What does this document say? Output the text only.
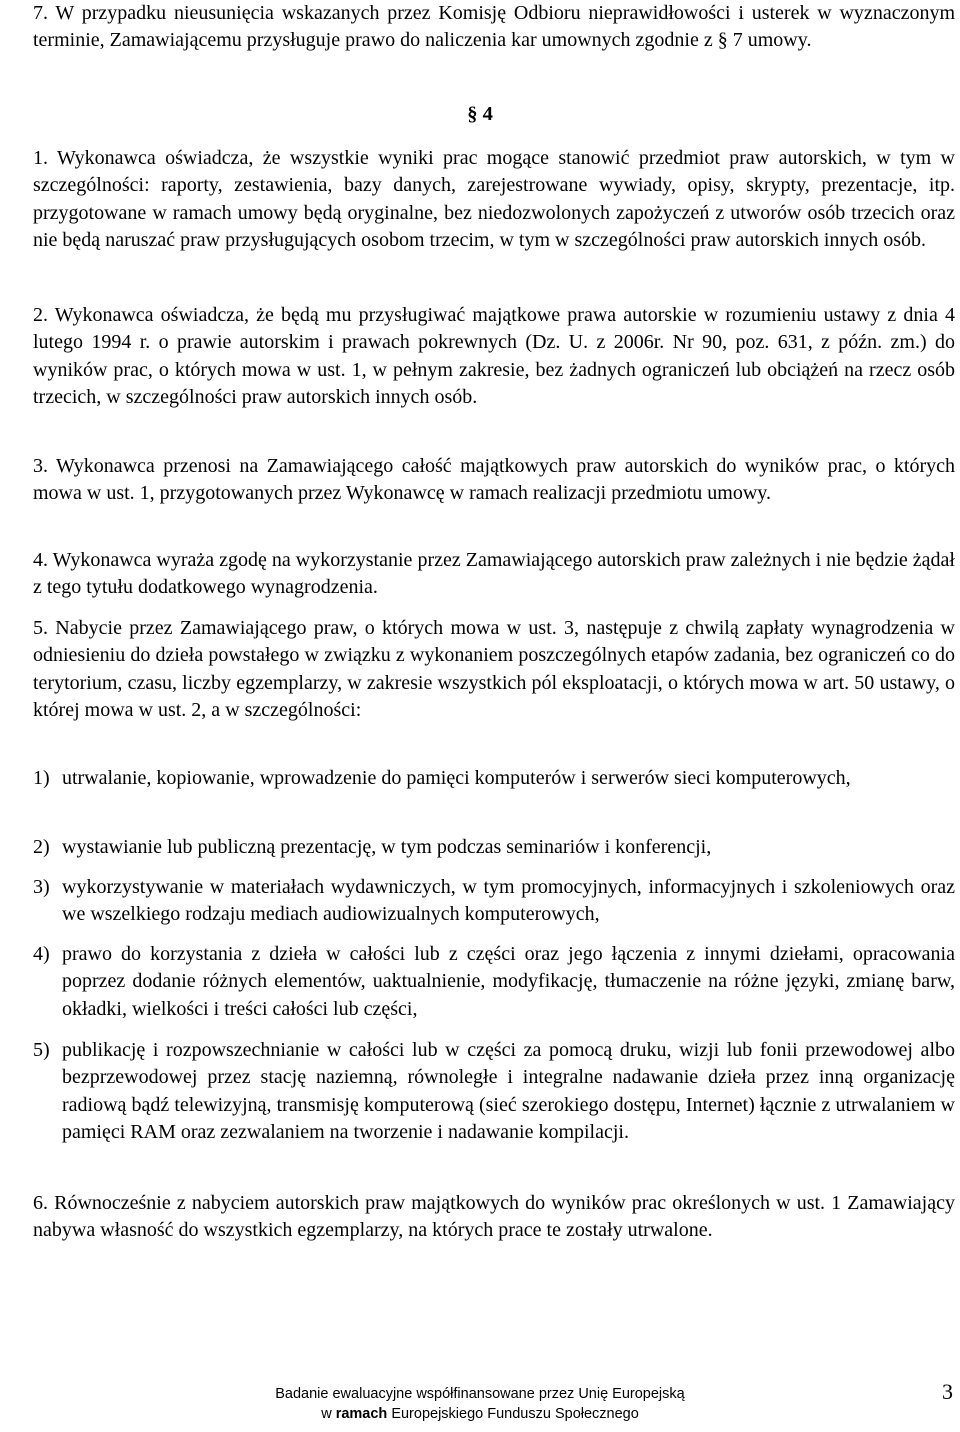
7. W przypadku nieusunięcia wskazanych przez Komisję Odbioru nieprawidłowości i usterek w wyznaczonym terminie, Zamawiającemu przysługuje prawo do naliczenia kar umownych zgodnie z § 7 umowy.
§ 4
1. Wykonawca oświadcza, że wszystkie wyniki prac mogące stanowić przedmiot praw autorskich, w tym w szczególności: raporty, zestawienia, bazy danych, zarejestrowane wywiady, opisy, skrypty, prezentacje, itp. przygotowane w ramach umowy będą oryginalne, bez niedozwolonych zapożyczeń z utworów osób trzecich oraz nie będą naruszać praw przysługujących osobom trzecim, w tym w szczególności praw autorskich innych osób.
2. Wykonawca oświadcza, że będą mu przysługiwać majątkowe prawa autorskie w rozumieniu ustawy z dnia 4 lutego 1994 r. o prawie autorskim i prawach pokrewnych (Dz. U. z 2006r. Nr 90, poz. 631, z późn. zm.) do wyników prac, o których mowa w ust. 1, w pełnym zakresie, bez żadnych ograniczeń lub obciążeń na rzecz osób trzecich, w szczególności praw autorskich innych osób.
3. Wykonawca przenosi na Zamawiającego całość majątkowych praw autorskich do wyników prac, o których mowa w ust. 1, przygotowanych przez Wykonawcę w ramach realizacji przedmiotu umowy.
4. Wykonawca wyraża zgodę na wykorzystanie przez Zamawiającego autorskich praw zależnych i nie będzie żądał z tego tytułu dodatkowego wynagrodzenia.
5. Nabycie przez Zamawiającego praw, o których mowa w ust. 3, następuje z chwilą zapłaty wynagrodzenia w odniesieniu do dzieła powstałego w związku z wykonaniem poszczególnych etapów zadania, bez ograniczeń co do terytorium, czasu, liczby egzemplarzy, w zakresie wszystkich pól eksploatacji, o których mowa w art. 50 ustawy, o której mowa w ust. 2, a w szczególności:
1) utrwalanie, kopiowanie, wprowadzenie do pamięci komputerów i serwerów sieci komputerowych,
2) wystawianie lub publiczną prezentację, w tym podczas seminariów i konferencji,
3) wykorzystywanie w materiałach wydawniczych, w tym promocyjnych, informacyjnych i szkoleniowych oraz we wszelkiego rodzaju mediach audiowizualnych komputerowych,
4) prawo do korzystania z dzieła w całości lub z części oraz jego łączenia z innymi dziełami, opracowania poprzez dodanie różnych elementów, uaktualnienie, modyfikację, tłumaczenie na różne języki, zmianę barw, okładki, wielkości i treści całości lub części,
5) publikację i rozpowszechnianie w całości lub w części za pomocą druku, wizji lub fonii przewodowej albo bezprzewodowej przez stację naziemną, równoległe i integralne nadawanie dzieła przez inną organizację radiową bądź telewizyjną, transmisję komputerową (sieć szerokiego dostępu, Internet) łącznie z utrwalaniem w pamięci RAM oraz zezwalaniem na tworzenie i nadawanie kompilacji.
6. Równocześnie z nabyciem autorskich praw majątkowych do wyników prac określonych w ust. 1 Zamawiający nabywa własność do wszystkich egzemplarzy, na których prace te zostały utrwalone.
Badanie ewaluacyjne współfinansowane przez Unię Europejską
w ramach Europejskiego Funduszu Społecznego
3
